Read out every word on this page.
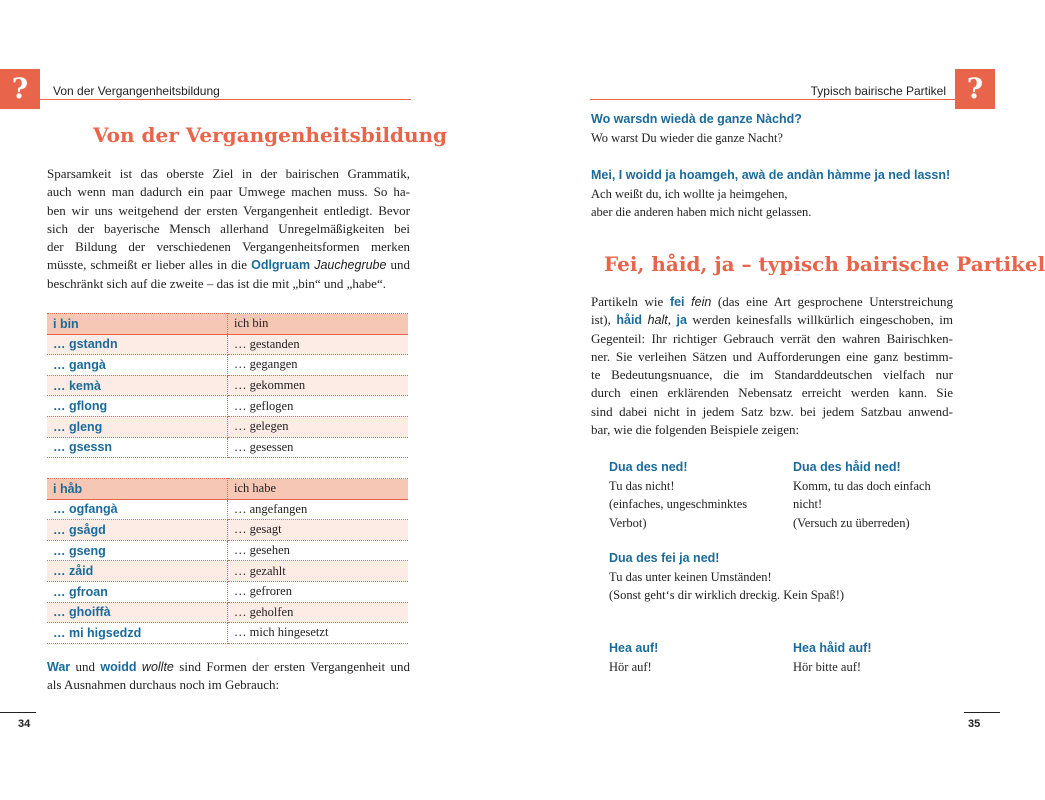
?	Von der Vergangenheitsbildung
Von der Vergangenheitsbildung
Sparsamkeit ist das oberste Ziel in der bairischen Grammatik,
auch wenn man dadurch ein paar Umwege machen muss. So ha-
ben wir uns weitgehend der ersten Vergangenheit entledigt. Bevor
sich der bayerische Mensch allerhand Unregelmäßigkeiten bei
der Bildung der verschiedenen Vergangenheitsformen merken
müsste, schmeißt er lieber alles in die Odlgruam Jauchegrube und
beschränkt sich auf die zweite – das ist die mit „bin“ und „habe“.
i bin	ich bin
… gstandn	… gestanden
… gangà	… gegangen
… kemà	… gekommen
… gflong	… geflogen
… gleng	… gelegen
… gsessn	… gesessen
i håb	ich habe
… ogfangà	… angefangen
… gsågd	… gesagt
… gseng	… gesehen
… zåid	… gezahlt
… gfroan	… gefroren
… ghoiffà	… geholfen
… mi higsedzd	… mich hingesetzt
War und woidd wollte sind Formen der ersten Vergangenheit und
als Ausnahmen durchaus noch im Gebrauch:
34
?
Typisch bairische Partikel
Wo warsdn wiedà de ganze Nàchd?
Wo warst Du wieder die ganze Nacht?
Mei, I woidd ja hoamgeh, awà de andàn hàmme ja ned lassn!
Ach weißt du, ich wollte ja heimgehen,
aber die anderen haben mich nicht gelassen.
Fei, håid, ja – typisch bairische Partikel
Partikeln wie fei fein (das eine Art gesprochene Unterstreichung
ist), håid halt, ja werden keinesfalls willkürlich eingeschoben, im
Gegenteil: Ihr richtiger Gebrauch verrät den wahren Bairischken-
ner. Sie verleihen Sätzen und Aufforderungen eine ganz bestimm-
te Bedeutungsnuance, die im Standarddeutschen vielfach nur
durch einen erklärenden Nebensatz erreicht werden kann. Sie
sind dabei nicht in jedem Satz bzw. bei jedem Satzbau anwend-
bar, wie die folgenden Beispiele zeigen:
Dua des ned!
Tu das nicht!
(einfaches, ungeschminktes
Verbot)
Dua des håid ned!
Komm, tu das doch einfach
nicht!
(Versuch zu überreden)
Dua des fei ja ned!
Tu das unter keinen Umständen!
(Sonst geht‘s dir wirklich dreckig. Kein Spaß!)
Hea auf!
Hör auf!
Hea håid auf!
Hör bitte auf!
35
